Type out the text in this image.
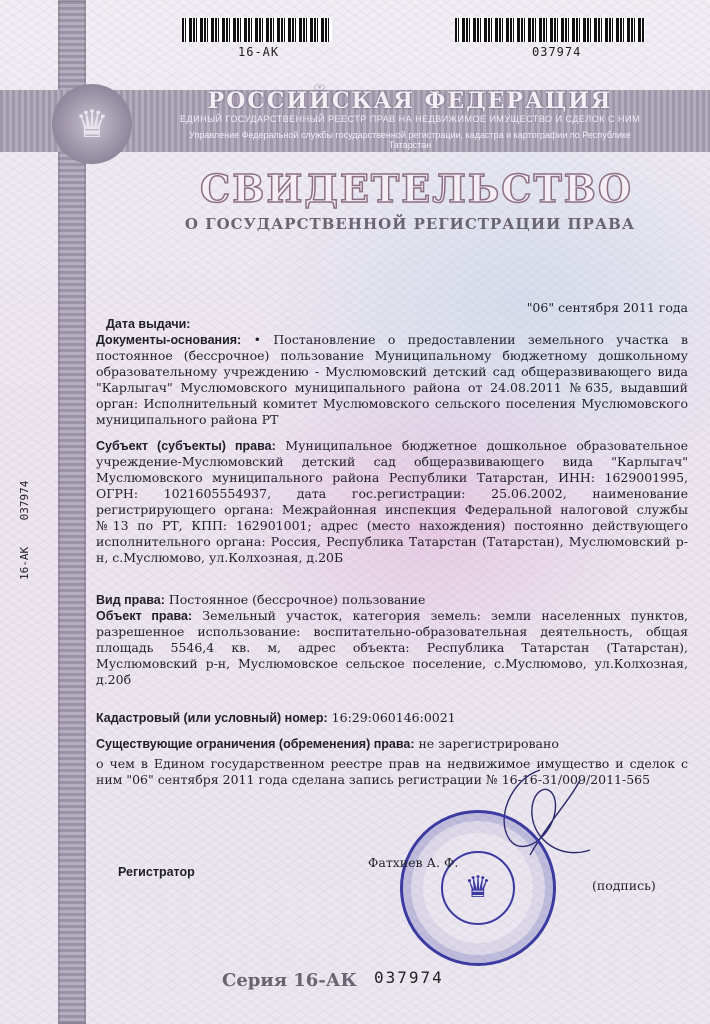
♛
16-АК	037974
РОССИЙСКАЯ ФЕДЕРАЦИЯ
ЕДИНЫЙ ГОСУДАРСТВЕННЫЙ РЕЕСТР ПРАВ НА НЕДВИЖИМОЕ ИМУЩЕСТВО И СДЕЛОК С НИМ
Управление Федеральной службы государственной регистрации, кадастра и картографии по Республике Татарстан
СВИДЕТЕЛЬСТВО
О ГОСУДАРСТВЕННОЙ РЕГИСТРАЦИИ ПРАВА
16-АК    037974
"06" сентября 2011 года
Дата выдачи:

Документы-основания: • Постановление о предоставлении земельного участка в постоянное (бессрочное) пользование Муниципальному бюджетному дошкольному образовательному учреждению - Муслюмовский детский сад общеразвивающего вида "Карлыгач" Муслюмовского муниципального района от 24.08.2011 №635, выдавший орган: Исполнительный комитет Муслюмовского сельского поселения Муслюмовского муниципального района РТ

Субъект (субъекты) права: Муниципальное бюджетное дошкольное образовательное учреждение-Муслюмовский детский сад общеразвивающего вида "Карлыгач" Муслюмовского муниципального района Республики Татарстан, ИНН: 1629001995, ОГРН: 1021605554937, дата гос.регистрации: 25.06.2002, наименование регистрирующего органа: Межрайонная инспекция Федеральной налоговой службы №13 по РТ, КПП: 162901001; адрес (место нахождения) постоянно действующего исполнительного органа: Россия, Республика Татарстан (Татарстан), Муслюмовский р-н, с.Муслюмово, ул.Колхозная, д.20Б

Вид права: Постоянное (бессрочное) пользование

Объект права: Земельный участок, категория земель: земли населенных пунктов, разрешенное использование: воспитательно-образовательная деятельность, общая площадь 5546,4 кв. м, адрес объекта: Республика Татарстан (Татарстан), Муслюмовский р-н, Муслюмовское сельское поселение, с.Муслюмово, ул.Колхозная, д.20б

Кадастровый (или условный) номер: 16:29:060146:0021

Существующие ограничения (обременения) права: не зарегистрировано

о чем в Едином государственном реестре прав на недвижимое имущество и сделок с ним "06" сентября 2011 года сделана запись регистрации № 16-16-31/009/2011-565

♛
Регистратор
Фатхиев А. Ф.
(подпись)
Серия 16-АК 037974
